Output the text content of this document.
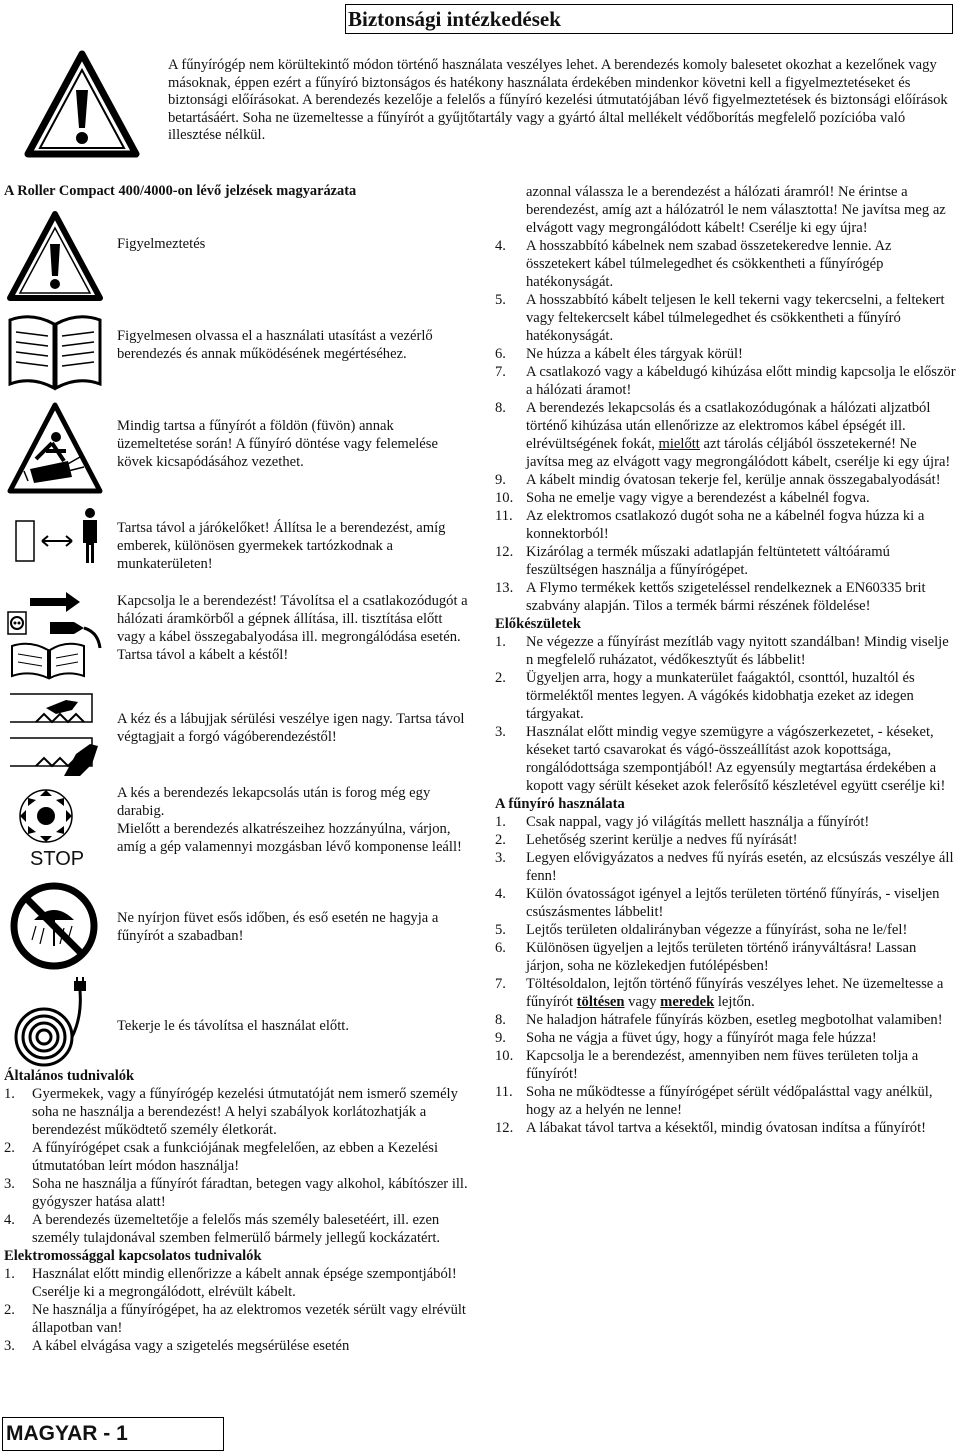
Biztonsági intézkedések

A fűnyírógép nem körültekintő módon történő használata veszélyes lehet. A berendezés komoly balesetet okozhat a kezelőnek vagy másoknak, éppen ezért a fűnyíró biztonságos és hatékony használata érdekében mindenkor követni kell a figyelmeztetéseket és biztonsági előírásokat. A berendezés kezelője a felelős a fűnyíró kezelési útmutatójában lévő figyelmeztetések és biztonsági előírások betartásáért. Soha ne üzemeltesse a fűnyírót a gyűjtőtartály vagy a gyártó által mellékelt védőborítás megfelelő pozícióba való illesztése nélkül.

A Roller Compact 400/4000-on lévő jelzések magyarázata
Figyelmeztetés
Figyelmesen olvassa el a használati utasítást a vezérlő berendezés és annak működésének megértéséhez.
Mindig tartsa a fűnyírót a földön (füvön) annak üzemeltetése során! A fűnyíró döntése vagy felemelése kövek kicsapódásához vezethet.
Tartsa távol a járókelőket! Állítsa le a berendezést, amíg emberek, különösen gyermekek tartózkodnak a munkaterületen!
Kapcsolja le a berendezést! Távolítsa el a csatlakozódugót a hálózati áramkörből a gépnek állítása, ill. tisztítása előtt vagy a kábel összegabalyodása ill. megrongálódása esetén. Tartsa távol a kábelt a késtől!
A kéz és a lábujjak sérülési veszélye igen nagy. Tartsa távol végtagjait a forgó vágóberendezéstől!
STOP
A kés a berendezés lekapcsolás után is forog még egy darabig.
Mielőtt a berendezés alkatrészeihez hozzányúlna, várjon, amíg a gép valamennyi mozgásban lévő komponense leáll!
Ne nyírjon füvet esős időben, és eső esetén ne hagyja a fűnyírót a szabadban!
Tekerje le és távolítsa el használat előtt.
Általános tudnivalók
1. Gyermekek, vagy a fűnyírógép kezelési útmutatóját nem ismerő személy soha ne használja a berendezést! A helyi szabályok korlátozhatják a berendezést működtető személy életkorát.
2. A fűnyírógépet csak a funkciójának megfelelően, az ebben a Kezelési útmutatóban leírt módon használja!
3. Soha ne használja a fűnyírót fáradtan, betegen vagy alkohol, kábítószer ill. gyógyszer hatása alatt!
4. A berendezés üzemeltetője a felelős más személy balesetéért, ill. ezen személy tulajdonával szemben felmerülő bármely jellegű kockázatért.
Elektromossággal kapcsolatos tudnivalók
1. Használat előtt mindig ellenőrizze a kábelt annak épsége szempontjából! Cserélje ki a megrongálódott, elrévült kábelt.
2. Ne használja a fűnyírógépet, ha az elektromos vezeték sérült vagy elrévült állapotban van!
3. A kábel elvágása vagy a szigetelés megsérülése esetén
MAGYAR - 1
azonnal válassza le a berendezést a hálózati áramról! Ne érintse a berendezést, amíg azt a hálózatról le nem választotta! Ne javítsa meg az elvágott vagy megrongálódott kábelt! Cserélje ki egy újra!
4. A hosszabbító kábelnek nem szabad összetekeredve lennie. Az összetekert kábel túlmelegedhet és csökkentheti a fűnyírógép hatékonyságát.
5. A hosszabbító kábelt teljesen le kell tekerni vagy tekercselni, a feltekert vagy feltekercselt kábel túlmelegedhet és csökkentheti a fűnyíró hatékonyságát.
6. Ne húzza a kábelt éles tárgyak körül!
7. A csatlakozó vagy a kábeldugó kihúzása előtt mindig kapcsolja le először a hálózati áramot!
8. A berendezés lekapcsolás és a csatlakozódugónak a hálózati aljzatból történő kihúzása után ellenőrizze az elektromos kábel épségét ill. elrévültségének fokát, mielőtt azt tárolás céljából összetekerné! Ne javítsa meg az elvágott vagy megrongálódott kábelt, cserélje ki egy újra!
9. A kábelt mindig óvatosan tekerje fel, kerülje annak összegabalyodását!
10. Soha ne emelje vagy vigye a berendezést a kábelnél fogva.
11. Az elektromos csatlakozó dugót soha ne a kábelnél fogva húzza ki a konnektorból!
12. Kizárólag a termék műszaki adatlapján feltüntetett váltóáramú feszültségen használja a fűnyírógépet.
13. A Flymo termékek kettős szigeteléssel rendelkeznek a EN60335 brit szabvány alapján. Tilos a termék bármi részének földelése!
Előkészületek
1. Ne végezze a fűnyírást mezítláb vagy nyitott szandálban! Mindig viselje n megfelelő ruházatot, védőkesztyűt és lábbelit!
2. Ügyeljen arra, hogy a munkaterület faágaktól, csonttól, huzaltól és törmeléktől mentes legyen. A vágókés kidobhatja ezeket az idegen tárgyakat.
3. Használat előtt mindig vegye szemügyre a vágószerkezetet, - késeket, késeket tartó csavarokat és vágó-összeállítást azok kopottsága, rongálódottsága szempontjából! Az egyensúly megtartása érdekében a kopott vagy sérült késeket azok felerősítő készletével együtt cserélje ki!
A fűnyíró használata
1. Csak nappal, vagy jó világítás mellett használja a fűnyírót!
2. Lehetőség szerint kerülje a nedves fű nyírását!
3. Legyen elővigyázatos a nedves fű nyírás esetén, az elcsúszás veszélye áll fenn!
4. Külön óvatosságot igényel a lejtős területen történő fűnyírás, - viseljen csúszásmentes lábbelit!
5. Lejtős területen oldalirányban végezze a fűnyírást, soha ne le/fel!
6. Különösen ügyeljen a lejtős területen történő irányváltásra! Lassan járjon, soha ne közlekedjen futólépésben!
7. Töltésoldalon, lejtőn történő fűnyírás veszélyes lehet. Ne üzemeltesse a fűnyírót töltésen vagy meredek lejtőn.
8. Ne haladjon hátrafele fűnyírás közben, esetleg megbotolhat valamiben!
9. Soha ne vágja a füvet úgy, hogy a fűnyírót maga fele húzza!
10. Kapcsolja le a berendezést, amennyiben nem füves területen tolja a fűnyírót!
11. Soha ne működtesse a fűnyírógépet sérült védőpalásttal vagy anélkül, hogy az a helyén ne lenne!
12. A lábakat távol tartva a késektől, mindig óvatosan indítsa a fűnyírót!
